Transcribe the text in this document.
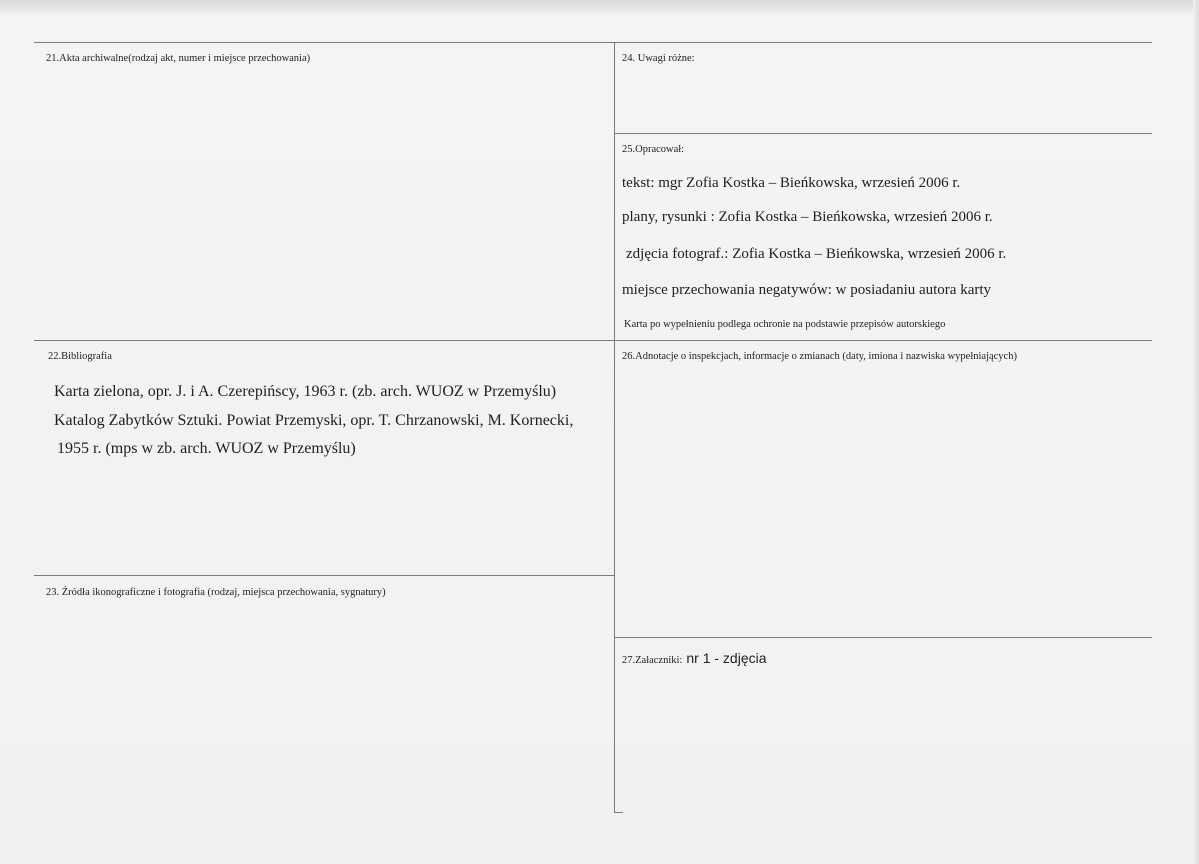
21.Akta archiwalne(rodzaj akt, numer i miejsce przechowania)	24. Uwagi różne:
25.Opracował:
tekst: mgr Zofia Kostka – Bieńkowska, wrzesień 2006 r.
plany, rysunki : Zofia Kostka – Bieńkowska, wrzesień 2006 r.
zdjęcia fotograf.: Zofia Kostka – Bieńkowska, wrzesień 2006 r.
miejsce przechowania negatywów: w posiadaniu autora karty
Karta po wypełnieniu podlega ochronie na podstawie przepisów autorskiego
22.Bibliografia
Karta zielona, opr. J. i A. Czerepińscy, 1963 r. (zb. arch. WUOZ w Przemyślu)
Katalog Zabytków Sztuki. Powiat Przemyski, opr. T. Chrzanowski, M. Kornecki,
1955 r. (mps w zb. arch. WUOZ w Przemyślu)
26.Adnotacje o inspekcjach, informacje o zmianach (daty, imiona i nazwiska wypełniających)
23. Źródła ikonograficzne i fotografia (rodzaj, miejsca przechowania, sygnatury)
27.Załaczniki: nr 1 - zdjęcia
